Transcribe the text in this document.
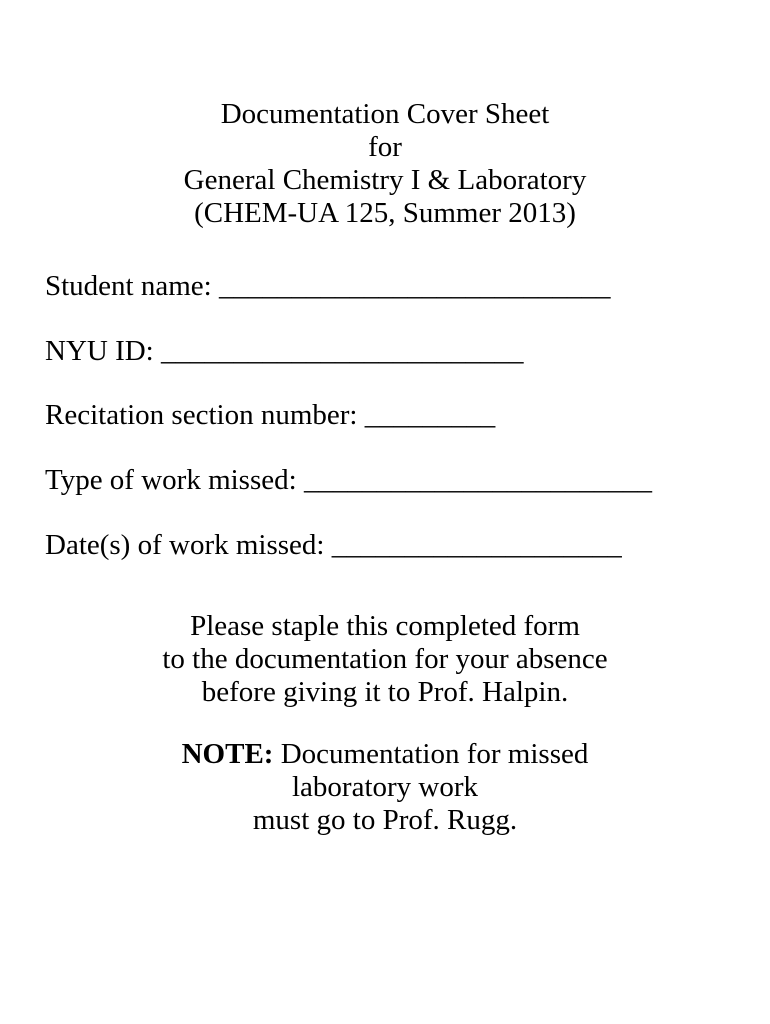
Documentation Cover Sheet
for
General Chemistry I & Laboratory
(CHEM-UA 125, Summer 2013)
Student name: ___________________________
NYU ID: _________________________
Recitation section number: _________
Type of work missed: ________________________
Date(s) of work missed: ____________________
Please staple this completed form
to the documentation for your absence
before giving it to Prof. Halpin.
NOTE: Documentation for missed
laboratory work
must go to Prof. Rugg.
